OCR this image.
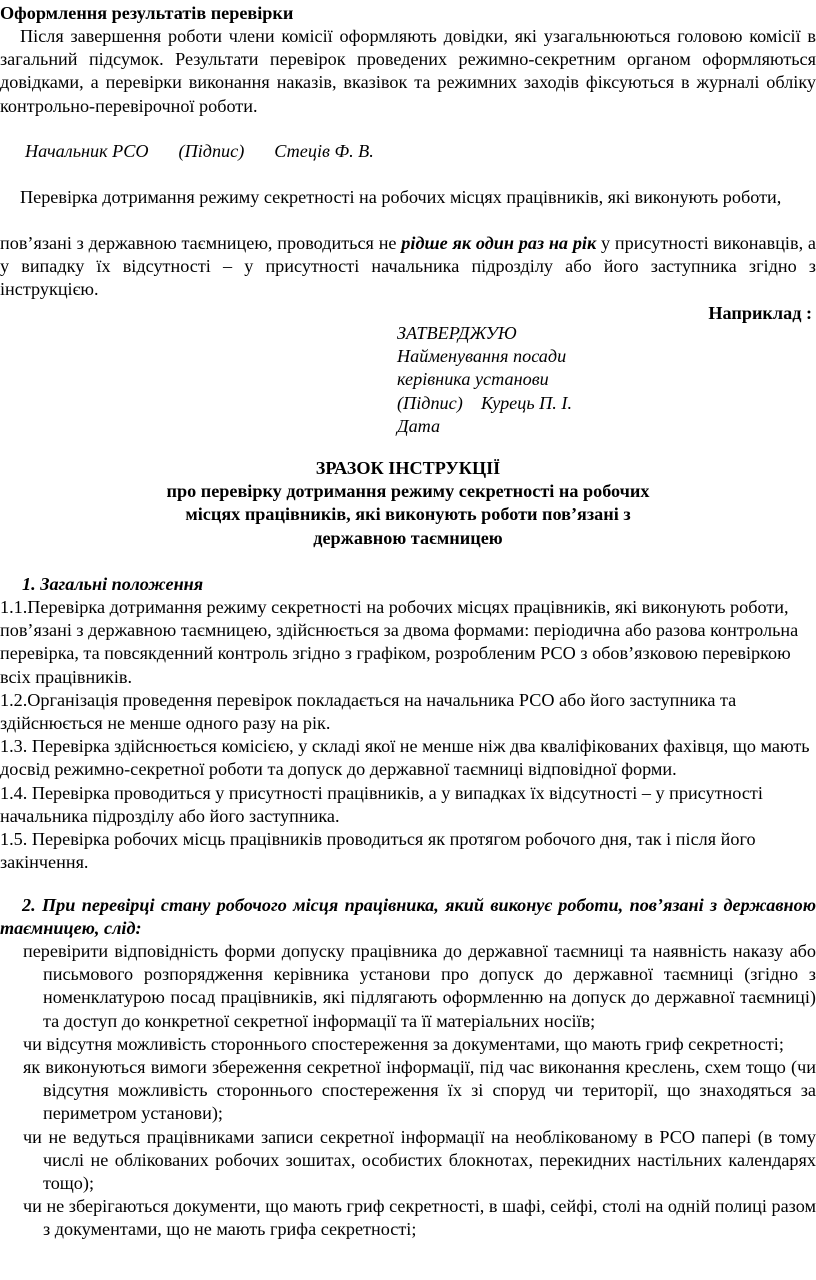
Оформлення результатів перевірки
Після завершення роботи члени комісії оформляють довідки, які узагальнюються головою комісії в загальний підсумок. Результати перевірок проведених режимно-секретним органом оформляються довідками, а перевірки виконання наказів, вказівок та режимних заходів фіксуються в журналі обліку контрольно-перевірочної роботи.
Начальник РСО (Підпис) Стецiв Ф. В.
Перевірка дотримання режиму секретності на робочих місцях працівників, які виконують роботи,
пов’язані з державною таємницею, проводиться не рідше як один раз на рік у присутності виконавців, а у випадку їх відсутності – у присутності начальника підрозділу або його заступника згідно з інструкцією.
Наприклад :

ЗАТВЕРДЖУЮ

Найменування посади

керівника установи

(Підпис)    Курець П. І.

Дата

ЗРАЗОК ІНСТРУКЦІЇ

про перевірку дотримання режиму секретності на робочих

місцях працівників, які виконують роботи пов’язані з

державною таємницею

1. Загальні положення

1.1.Перевірка дотримання режиму секретності на робочих місцях працівників, які виконують роботи, пов’язані з державною таємницею, здійснюється за двома формами: періодична або разова контрольна перевірка, та повсякденний контроль згідно з графіком, розробленим РСО з обов’язковою перевіркою всіх працівників.

1.2.Організація проведення перевірок покладається на начальника РСО або його заступника та здійснюється не менше одного разу на рік.

1.3. Перевірка здійснюється комісією, у складі якої не менше ніж два кваліфікованих фахівця, що мають досвід режимно-секретної роботи та допуск до державної таємниці відповідної форми.

1.4. Перевірка проводиться у присутності працівників, а у випадках їх відсутності – у присутності начальника підрозділу або його заступника.

1.5. Перевірка робочих місць працівників проводиться як протягом робочого дня, так і після його закінчення.

2. При перевірці стану робочого місця працівника, який виконує роботи, пов’язані з державною таємницею, слід:

перевірити відповідність форми допуску працівника до державної таємниці та наявність наказу або письмового розпорядження керівника установи про допуск до державної таємниці (згідно з номенклатурою посад працівників, які підлягають оформленню на допуск до державної таємниці) та доступ до конкретної секретної інформації та її матеріальних носіїв;

чи відсутня можливість стороннього спостереження за документами, що мають гриф секретності;

як виконуються вимоги збереження секретної інформації, під час виконання креслень, схем тощо (чи відсутня можливість стороннього спостереження їх зі споруд чи території, що знаходяться за периметром установи);

чи не ведуться працівниками записи секретної інформації на необлікованому в РСО папері (в тому числі не облікованих робочих зошитах, особистих блокнотах, перекидних настільних календарях тощо);

чи не зберігаються документи, що мають гриф секретності, в шафі, сейфі, столі на одній полиці разом з документами, що не мають грифа секретності;
